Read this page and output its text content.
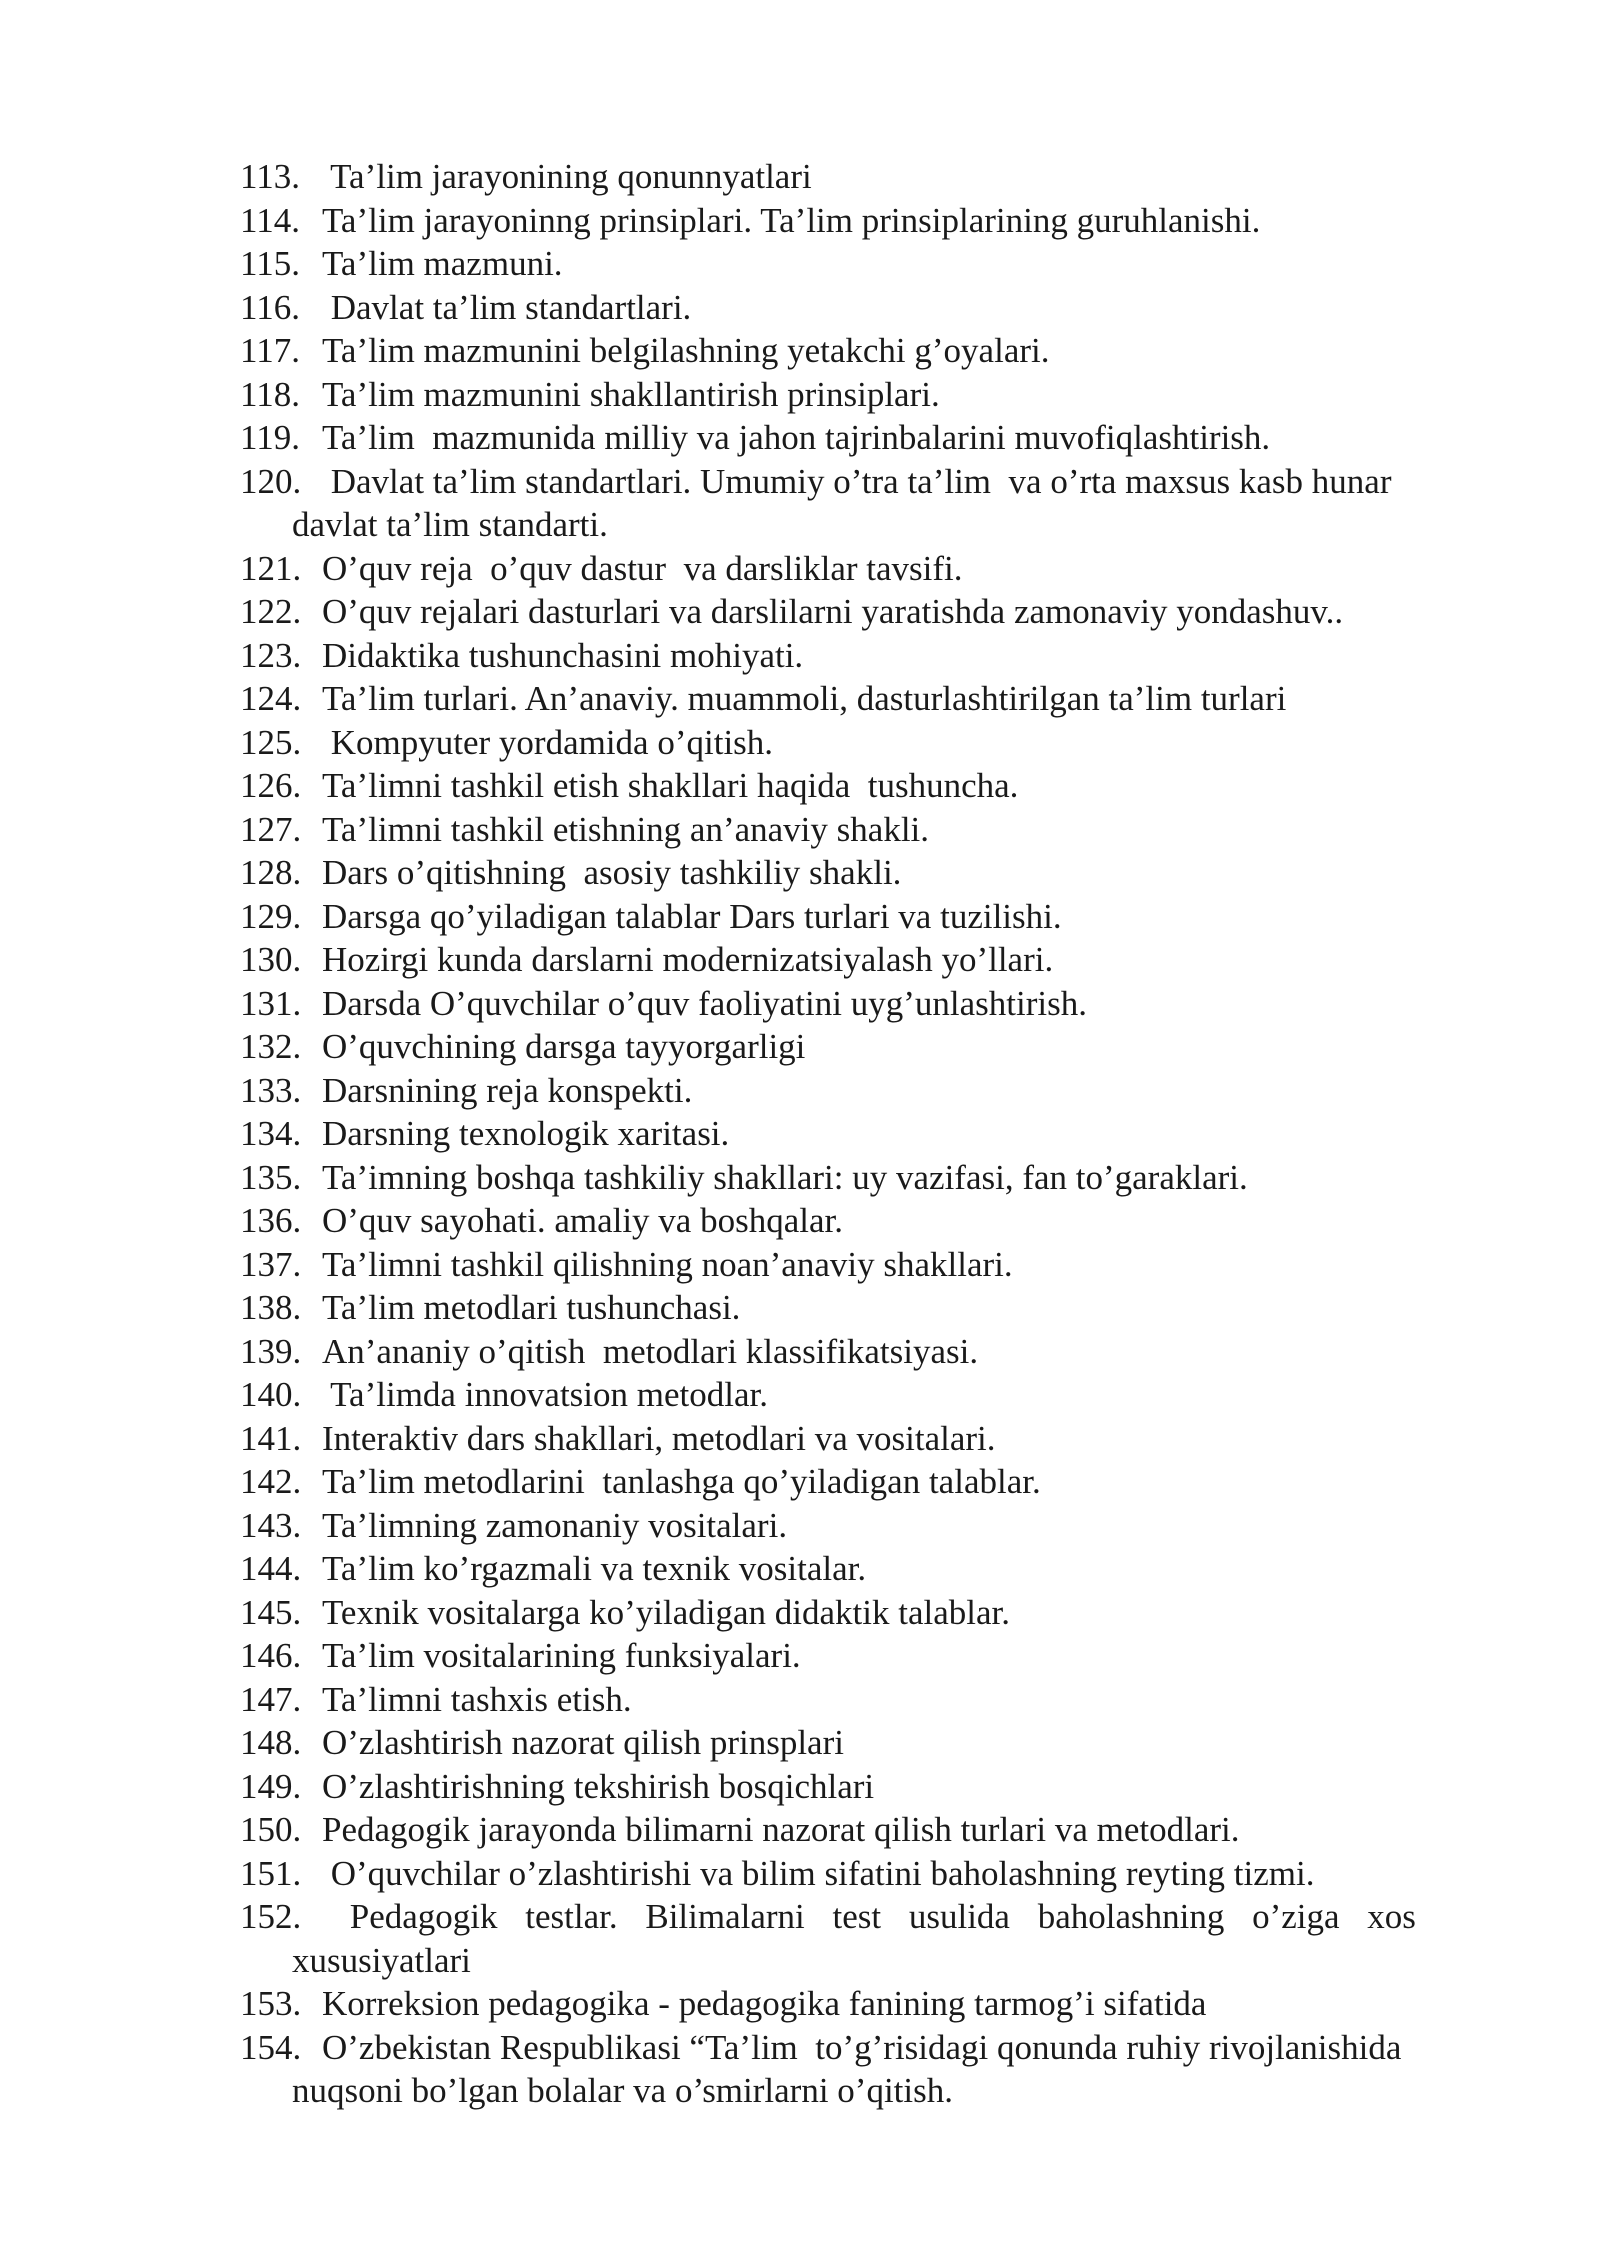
113. Ta’lim jarayonining qonunnyatlari
114. Ta’lim jarayoninng prinsiplari. Ta’lim prinsiplarining guruhlanishi.
115. Ta’lim mazmuni.
116. Davlat ta’lim standartlari.
117. Ta’lim mazmunini belgilashning yetakchi g’oyalari.
118. Ta’lim mazmunini shakllantirish prinsiplari.
119. Ta’lim  mazmunida milliy va jahon tajrinbalarini muvofiqlashtirish.
120. Davlat ta’lim standartlari. Umumiy o’tra ta’lim  va o’rta maxsus kasb hunar
davlat ta’lim standarti.
121. O’quv reja  o’quv dastur  va darsliklar tavsifi.
122. O’quv rejalari dasturlari va darslilarni yaratishda zamonaviy yondashuv..
123. Didaktika tushunchasini mohiyati.
124. Ta’lim turlari. An’anaviy. muammoli, dasturlashtirilgan ta’lim turlari
125. Kompyuter yordamida o’qitish.
126. Ta’limni tashkil etish shakllari haqida  tushuncha.
127. Ta’limni tashkil etishning an’anaviy shakli.
128. Dars o’qitishning  asosiy tashkiliy shakli.
129. Darsga qo’yiladigan talablar Dars turlari va tuzilishi.
130. Hozirgi kunda darslarni modernizatsiyalash yo’llari.
131. Darsda O’quvchilar o’quv faoliyatini uyg’unlashtirish.
132. O’quvchining darsga tayyorgarligi
133. Darsnining reja konspekti.
134. Darsning texnologik xaritasi.
135. Ta’imning boshqa tashkiliy shakllari: uy vazifasi, fan to’garaklari.
136. O’quv sayohati. amaliy va boshqalar.
137. Ta’limni tashkil qilishning noan’anaviy shakllari.
138. Ta’lim metodlari tushunchasi.
139. An’ananiy o’qitish  metodlari klassifikatsiyasi.
140. Ta’limda innovatsion metodlar.
141. Interaktiv dars shakllari, metodlari va vositalari.
142. Ta’lim metodlarini  tanlashga qo’yiladigan talablar.
143. Ta’limning zamonaniy vositalari.
144. Ta’lim ko’rgazmali va texnik vositalar.
145. Texnik vositalarga ko’yiladigan didaktik talablar.
146. Ta’lim vositalarining funksiyalari.
147. Ta’limni tashxis etish.
148. O’zlashtirish nazorat qilish prinsplari
149. O’zlashtirishning tekshirish bosqichlari
150. Pedagogik jarayonda bilimarni nazorat qilish turlari va metodlari.
151. O’quvchilar o’zlashtirishi va bilim sifatini baholashning reyting tizmi.
152. Pedagogik testlar. Bilimalarni test usulida baholashning o’ziga xos
xususiyatlari
153. Korreksion pedagogika - pedagogika fanining tarmog’i sifatida
154. O’zbekistan Respublikasi “Ta’lim  to’g’risidagi qonunda ruhiy rivojlanishida
nuqsoni bo’lgan bolalar va o’smirlarni o’qitish.
